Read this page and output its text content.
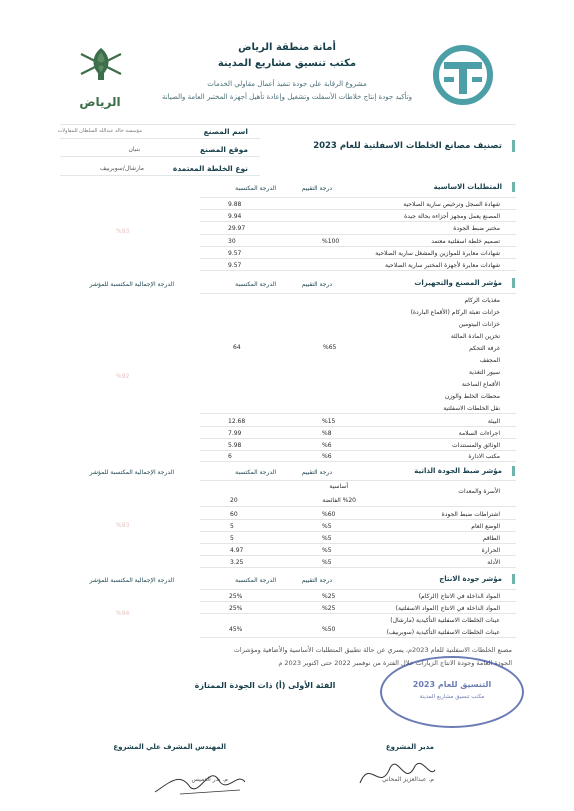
الرياض
أمانة منطقة الرياض
مكتب تنسيق مشاريع المدينة
مشروع الرقابة على جودة تنفيذ أعمال مقاولي الخدمات
وتأكيد جودة إنتاج خلاطات الأسفلت وتشغيل وإعادة تأهيل أجهزة المختبر العامة والصيانة
اسم المصنع
مؤسسة خالد عبدالله السلطان للمقاولات
موقع المصنع
بنبان
نوع الخلطة المعتمدة
مارشال/سوبربيف
تصنيف مصانع الخلطات الاسفلتية للعام 2023
المتطلبات الاساسية
درجة التقييم
الدرجة المكتسبة
شهادة السجل وترخيص سارية الصلاحية
المصنع يعمل ومجهز أجزاءه بحالة جيدة
مختبر ضبط الجودة
تصميم خلطة اسفلتية معتمد
شهادات معايرة للموازين والمشغل سارية الصلاحية
شهادات معايرة لأجهزة المختبر سارية الصلاحية
9.88
9.94
29.97
30
9.57
9.57
%100
%93
مؤشر المصنع والتجهيزات
درجة التقييم
الدرجة المكتسبة
الدرجة الإجمالية المكتسبة للمؤشر
مغذيات الركام
خزانات تعبئة الركام (الأقماع الباردة)
خزانات البيتومين
تخزين المادة المالئة
غرفة التحكم
المجفف
سيور التغذية
الأقماع الساخنة
محطات الخلط والوزن
نقل الخلطات الاسفلتية
%65
64
%92
البيئة
اجراءات السلامة
الوثائق والمستندات
مكتب الادارة
%15
%8
%6
%6
12.68
7.99
5.98
6
مؤشر ضبط الجودة الذاتية
درجة التقييم
الدرجة المكتسبة
الدرجة الإجمالية المكتسبة للمؤشر
الأسرة والمعدات
اشتراطات ضبط الجودة
الوضع العام
الطاقم
الحرارة
الأدلة
أساسية
%20 الفائضة
%60
%5
%5
%5
%5
20
60
5
5
4.97
3.25
%93
مؤشر جودة الانتاج
درجة التقييم
الدرجة المكتسبة
الدرجة الإجمالية المكتسبة للمؤشر
المواد الداخلة في الانتاج (الركام)
المواد الداخلة في الانتاج (المواد الاسفلتية)
عينات الخلطات الاسفلتية التأكيدية (مارشال)
عينات الخلطات الاسفلتية التأكيدية (سوبربيف)
%25
%25
%50
25%
25%
45%
%94
مصنع الخلطات الاسفلتية للعام 2023م، يسري عن حالة تطبيق المتطلبات الأساسية والأضافية ومؤشرات
الجودة العامة وجودة الانتاج الزيارات خلال الفترة من نوفمبر 2022 حتى اكتوبر 2023 م
الفئة الأولى (أ) ذات الجودة الممتازة	التنسيق للعام 2023
مكتب تنسيق مشاريع المدينة
مدير المشروع
المهندس المشرف علي المشروع
م. عبدالعزيز المحاني
م. بدر العميس
